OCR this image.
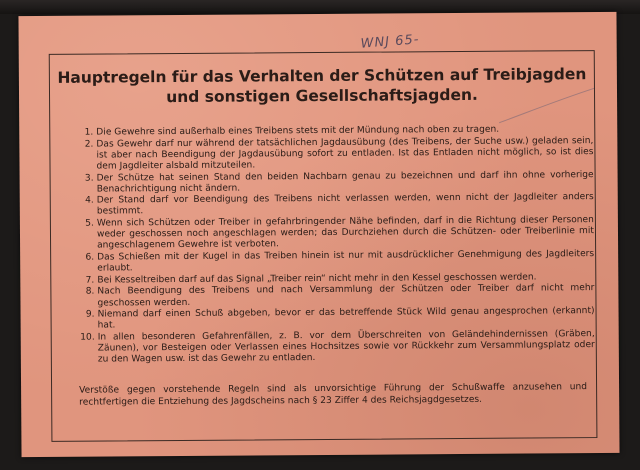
WNJ 65-
Hauptregeln für das Verhalten der Schützen auf Treibjagden
und sonstigen Gesellschaftsjagden.
1. Die Gewehre sind außerhalb eines Treibens stets mit der Mündung nach oben zu tragen.
2. Das Gewehr darf nur während der tatsächlichen Jagdausübung (des Treibens, der Suche usw.) geladen sein, ist aber nach Beendigung der Jagdausübung sofort zu entladen. Ist das Entladen nicht möglich, so ist dies dem Jagdleiter alsbald mitzuteilen.
3. Der Schütze hat seinen Stand den beiden Nachbarn genau zu bezeichnen und darf ihn ohne vorherige Benachrichtigung nicht ändern.
4. Der Stand darf vor Beendigung des Treibens nicht verlassen werden, wenn nicht der Jagdleiter anders bestimmt.
5. Wenn sich Schützen oder Treiber in gefahrbringender Nähe befinden, darf in die Richtung dieser Personen weder geschossen noch angeschlagen werden; das Durchziehen durch die Schützen- oder Treiberlinie mit angeschlagenem Gewehre ist verboten.
6. Das Schießen mit der Kugel in das Treiben hinein ist nur mit ausdrücklicher Genehmigung des Jagdleiters erlaubt.
7. Bei Kesseltreiben darf auf das Signal „Treiber rein“ nicht mehr in den Kessel geschossen werden.
8. Nach Beendigung des Treibens und nach Versammlung der Schützen oder Treiber darf nicht mehr geschossen werden.
9. Niemand darf einen Schuß abgeben, bevor er das betreffende Stück Wild genau angesprochen (erkannt) hat.
10. In allen besonderen Gefahrenfällen, z. B. vor dem Überschreiten von Geländehindernissen (Gräben, Zäunen), vor Besteigen oder Verlassen eines Hochsitzes sowie vor Rückkehr zum Versammlungsplatz oder zu den Wagen usw. ist das Gewehr zu entladen.
Verstöße gegen vorstehende Regeln sind als unvorsichtige Führung der Schußwaffe anzusehen und rechtfertigen die Entziehung des Jagdscheins nach § 23 Ziffer 4 des Reichsjagdgesetzes.
